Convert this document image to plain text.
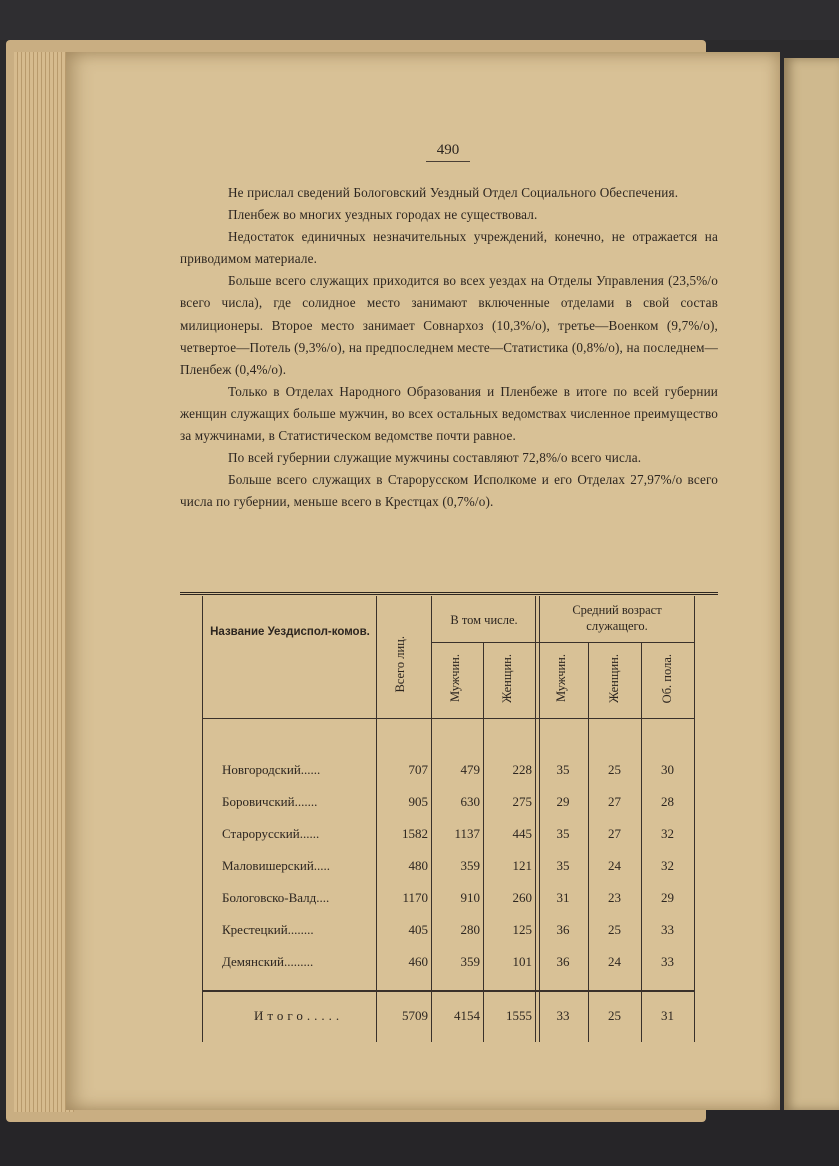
490

Не прислал сведений Бологовский Уездный Отдел Социального Обеспечения.

Пленбеж во многих уездных городах не существовал.

Недостаток единичных незначительных учреждений, конечно, не отражается на приводимом материале.

Больше всего служащих приходится во всех уездах на Отделы Управления (23,5%/о всего числа), где солидное место занимают включенные отделами в свой состав милиционеры. Второе место занимает Совнархоз (10,3%/о), третье—Военком (9,7%/о), четвертое—Потель (9,3%/о), на предпоследнем месте—Статистика (0,8%/о), на последнем—Пленбеж (0,4%/о).

Только в Отделах Народного Образования и Пленбеже в итоге по всей губернии женщин служащих больше мужчин, во всех остальных ведомствах численное преимущество за мужчинами, в Статистическом ведомстве почти равное.

По всей губернии служащие мужчины составляют 72,8%/о всего числа.

Больше всего служащих в Старорусском Исполкоме и его Отделах 27,97%/о всего числа по губернии, меньше всего в Крестцах (0,7%/о).

Название Уездиспол-комов.
Всего лиц.
В том числе.
Мужчин.	Женщин.
Средний возраст служащего.
Мужчин.	Женщин.	Об. пола.
Новгородский......	707	479	228	35	25	30
Боровичский.......	905	630	275	29	27	28
Старорусский......	1582	1137	445	35	27	32
Маловишерский.....	480	359	121	35	24	32
Бологовско-Валд....	1170	910	260	31	23	29
Крестецкий........	405	280	125	36	25	33
Демянский.........	460	359	101	36	24	33
Итого.....	5709	4154	1555	33	25	31
